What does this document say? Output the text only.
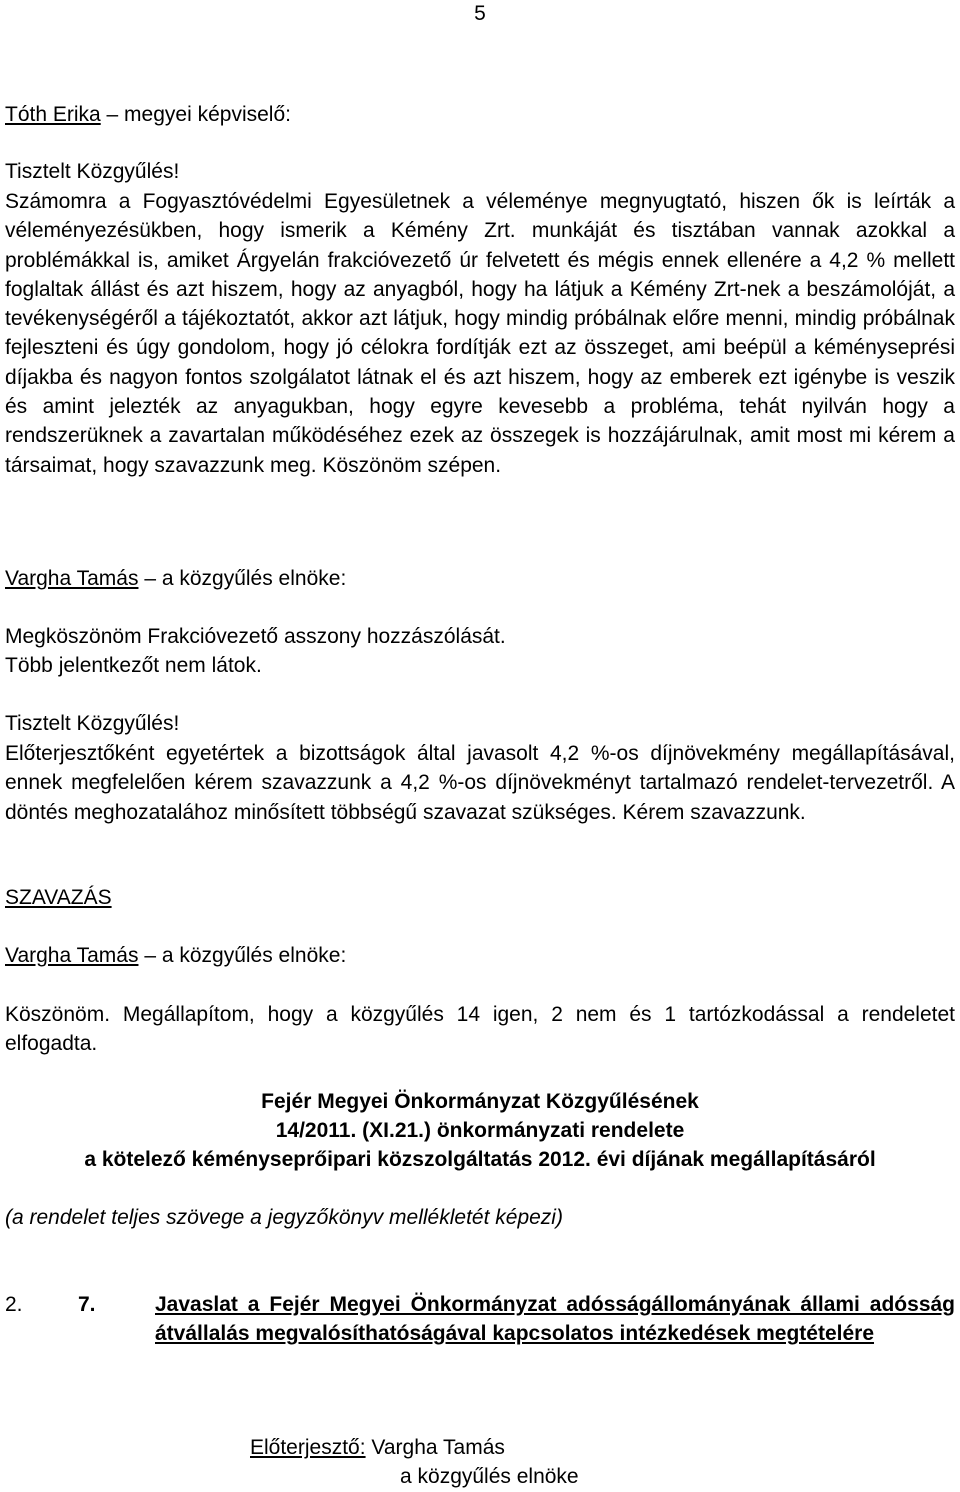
5
Tóth Erika – megyei képviselő:
Tisztelt Közgyűlés!

Számomra a Fogyasztóvédelmi Egyesületnek a véleménye megnyugtató, hiszen ők is leírták a véleményezésükben, hogy ismerik a Kémény Zrt. munkáját és tisztában vannak azokkal a problémákkal is, amiket Árgyelán frakcióvezető úr felvetett és mégis ennek ellenére a 4,2 % mellett foglaltak állást és azt hiszem, hogy az anyagból, hogy ha látjuk a Kémény Zrt-nek a beszámolóját, a tevékenységéről a tájékoztatót, akkor azt látjuk, hogy mindig próbálnak előre menni, mindig próbálnak fejleszteni és úgy gondolom, hogy jó célokra fordítják ezt az összeget, ami beépül a kéményseprési díjakba és nagyon fontos szolgálatot látnak el és azt hiszem, hogy az emberek ezt igénybe is veszik és amint jelezték az anyagukban, hogy egyre kevesebb a probléma, tehát nyilván hogy a rendszerüknek a zavartalan működéséhez ezek az összegek is hozzájárulnak, amit most mi kérem a társaimat, hogy szavazzunk meg. Köszönöm szépen.

Vargha Tamás – a közgyűlés elnöke:
Megköszönöm Frakcióvezető asszony hozzászólását.
Több jelentkezőt nem látok.
Tisztelt Közgyűlés!

Előterjesztőként egyetértek a bizottságok által javasolt 4,2 %-os díjnövekmény megállapításával, ennek megfelelően kérem szavazzunk a 4,2 %-os díjnövekményt tartalmazó rendelet-tervezetről. A döntés meghozatalához minősített többségű szavazat szükséges. Kérem szavazzunk.

SZAVAZÁS
Vargha Tamás – a közgyűlés elnöke:

Köszönöm. Megállapítom, hogy a közgyűlés 14 igen, 2 nem és 1 tartózkodással a rendeletet elfogadta.

Fejér Megyei Önkormányzat Közgyűlésének
14/2011. (XI.21.) önkormányzati rendelete
a kötelező kéményseprőipari közszolgáltatás 2012. évi díjának megállapításáról
(a rendelet teljes szövege a jegyzőkönyv mellékletét képezi)
2.	7.	Javaslat a Fejér Megyei Önkormányzat adósságállományának állami adósság átvállalás megvalósíthatóságával kapcsolatos intézkedések megtételére
Előterjesztő: Vargha Tamás
a közgyűlés elnöke
